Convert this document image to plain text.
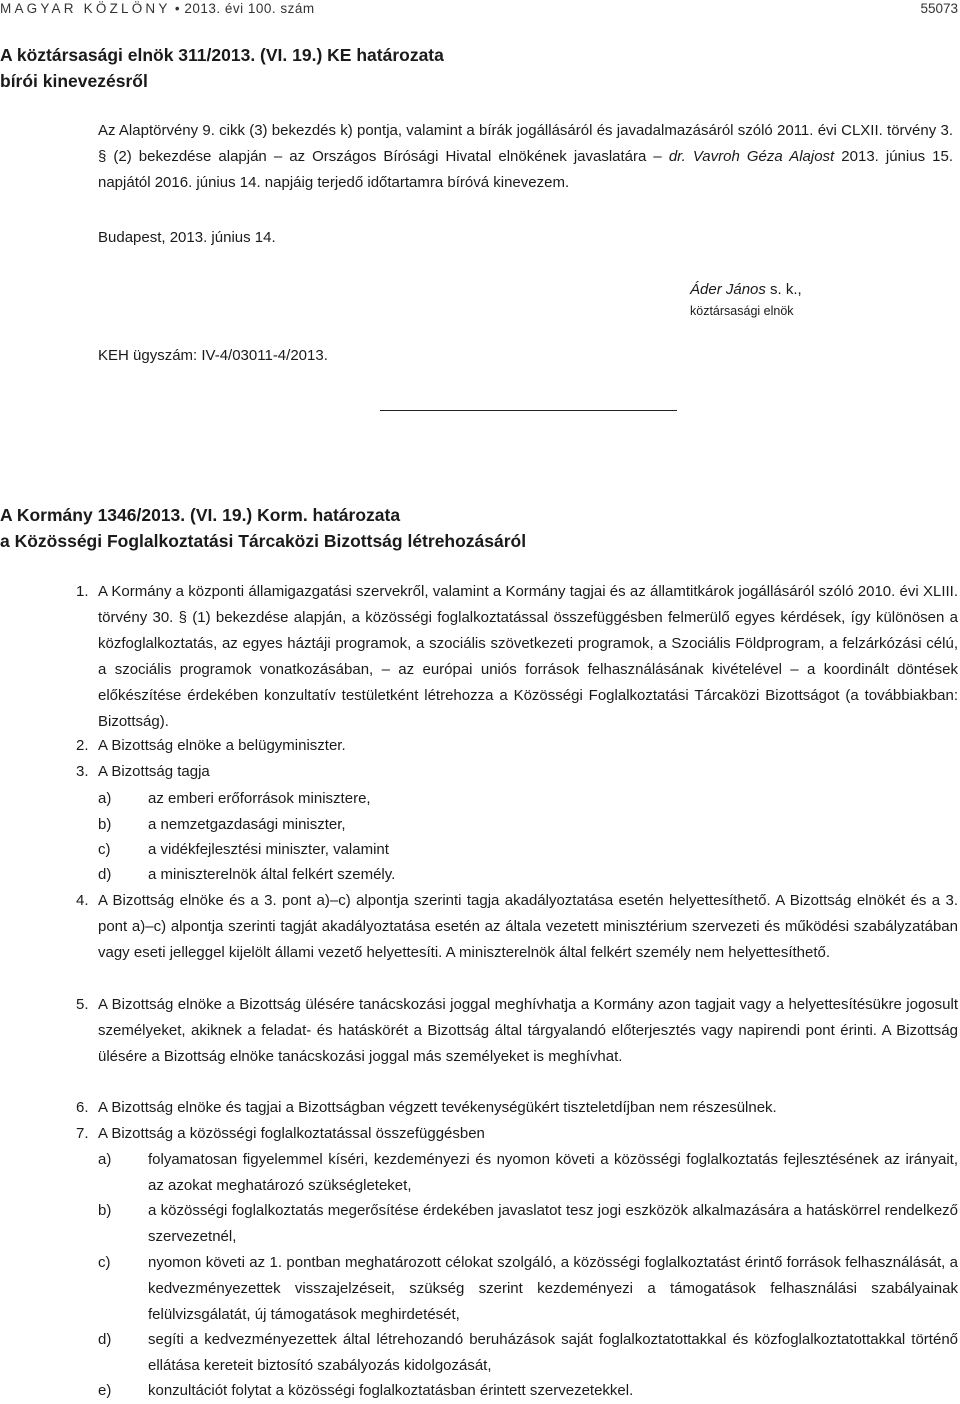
MAGYAR KÖZLÖNY • 2013. évi 100. szám	55073
A köztársasági elnök 311/2013. (VI. 19.) KE határozata
bírói kinevezésről
Az Alaptörvény 9. cikk (3) bekezdés k) pontja, valamint a bírák jogállásáról és javadalmazásáról szóló 2011. évi CLXII. törvény 3. § (2) bekezdése alapján – az Országos Bírósági Hivatal elnökének javaslatára – dr. Vavroh Géza Alajost 2013. június 15. napjától 2016. június 14. napjáig terjedő időtartamra bíróvá kinevezem.
Budapest, 2013. június 14.
Áder János s. k.,
köztársasági elnök
KEH ügyszám: IV-4/03011-4/2013.
A Kormány 1346/2013. (VI. 19.) Korm. határozata
a Közösségi Foglalkoztatási Tárcaközi Bizottság létrehozásáról
1. A Kormány a központi államigazgatási szervekről, valamint a Kormány tagjai és az államtitkárok jogállásáról szóló 2010. évi XLIII. törvény 30. § (1) bekezdése alapján, a közösségi foglalkoztatással összefüggésben felmerülő egyes kérdések, így különösen a közfoglalkoztatás, az egyes háztáji programok, a szociális szövetkezeti programok, a Szociális Földprogram, a felzárkózási célú, a szociális programok vonatkozásában, – az európai uniós források felhasználásának kivételével – a koordinált döntések előkészítése érdekében konzultatív testületként létrehozza a Közösségi Foglalkoztatási Tárcaközi Bizottságot (a továbbiakban: Bizottság).
2. A Bizottság elnöke a belügyminiszter.
3. A Bizottság tagja
a) az emberi erőforrások minisztere,
b) a nemzetgazdasági miniszter,
c)	a vidékfejlesztési miniszter, valamint
d) a miniszterelnök által felkért személy.
4. A Bizottság elnöke és a 3. pont a)–c) alpontja szerinti tagja akadályoztatása esetén helyettesíthető. A Bizottság elnökét és a 3. pont a)–c) alpontja szerinti tagját akadályoztatása esetén az általa vezetett minisztérium szervezeti és működési szabályzatában vagy eseti jelleggel kijelölt állami vezető helyettesíti. A miniszterelnök által felkért személy nem helyettesíthető.
5. A Bizottság elnöke a Bizottság ülésére tanácskozási joggal meghívhatja a Kormány azon tagjait vagy a helyettesítésükre jogosult személyeket, akiknek a feladat- és hatáskörét a Bizottság által tárgyalandó előterjesztés vagy napirendi pont érinti. A Bizottság ülésére a Bizottság elnöke tanácskozási joggal más személyeket is meghívhat.
6. A Bizottság elnöke és tagjai a Bizottságban végzett tevékenységükért tiszteletdíjban nem részesülnek.
7. A Bizottság a közösségi foglalkoztatással összefüggésben
a) folyamatosan figyelemmel kíséri, kezdeményezi és nyomon követi a közösségi foglalkoztatás fejlesztésének az irányait, az azokat meghatározó szükségleteket,
b) a közösségi foglalkoztatás megerősítése érdekében javaslatot tesz jogi eszközök alkalmazására a hatáskörrel rendelkező szervezetnél,
c)	nyomon követi az 1. pontban meghatározott célokat szolgáló, a közösségi foglalkoztatást érintő források felhasználását, a kedvezményezettek visszajelzéseit, szükség szerint kezdeményezi a támogatások felhasználási szabályainak felülvizsgálatát, új támogatások meghirdetését,
d) segíti a kedvezményezettek által létrehozandó beruházások saját foglalkoztatottakkal és közfoglalkoztatottakkal történő ellátása kereteit biztosító szabályozás kidolgozását,
e) konzultációt folytat a közösségi foglalkoztatásban érintett szervezetekkel.
